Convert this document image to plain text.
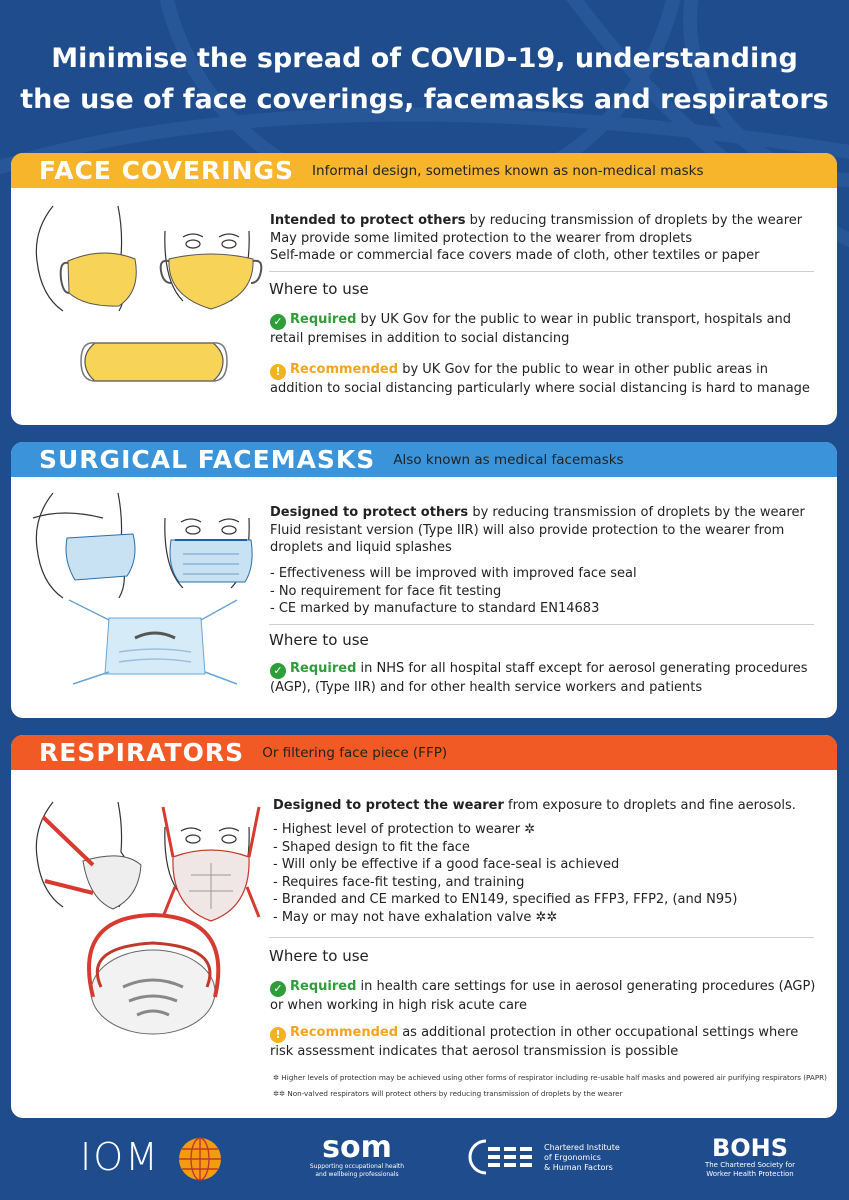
Minimise the spread of COVID-19, understanding
the use of face coverings, facemasks and respirators
FACE COVERINGS Informal design, sometimes known as non-medical masks
Intended to protect others by reducing transmission of droplets by the wearer
May provide some limited protection to the wearer from droplets
Self-made or commercial face covers made of cloth, other textiles or paper
Where to use
✓ Required by UK Gov for the public to wear in public transport, hospitals and retail premises in addition to social distancing
! Recommended by UK Gov for the public to wear in other public areas in addition to social distancing particularly where social distancing is hard to manage
SURGICAL FACEMASKS Also known as medical facemasks
Designed to protect others by reducing transmission of droplets by the wearer
Fluid resistant version (Type IIR) will also provide protection to the wearer from droplets and liquid splashes
- Effectiveness will be improved with improved face seal
- No requirement for face fit testing
- CE marked by manufacture to standard EN14683
Where to use
✓ Required in NHS for all hospital staff except for aerosol generating procedures (AGP), (Type IIR) and for other health service workers and patients
RESPIRATORS Or filtering face piece (FFP)
Designed to protect the wearer from exposure to droplets and fine aerosols.
- Highest level of protection to wearer ✲
- Shaped design to fit the face
- Will only be effective if a good face-seal is achieved
- Requires face-fit testing, and training
- Branded and CE marked to EN149, specified as FFP3, FFP2, (and N95)
- May or may not have exhalation valve ✲✲
Where to use
✓ Required in health care settings for use in aerosol generating procedures (AGP) or when working in high risk acute care
! Recommended as additional protection in other occupational settings where risk assessment indicates that aerosol transmission is possible
✲ Higher levels of protection may be achieved using other forms of respirator including re-usable half masks and powered air purifying respirators (PAPR)
✲✲ Non-valved respirators will protect others by reducing transmission of droplets by the wearer
IOM	som
Supporting occupational health
and wellbeing professionals
Chartered Institute
of Ergonomics
& Human Factors
BOHS
The Chartered Society for
Worker Health Protection
